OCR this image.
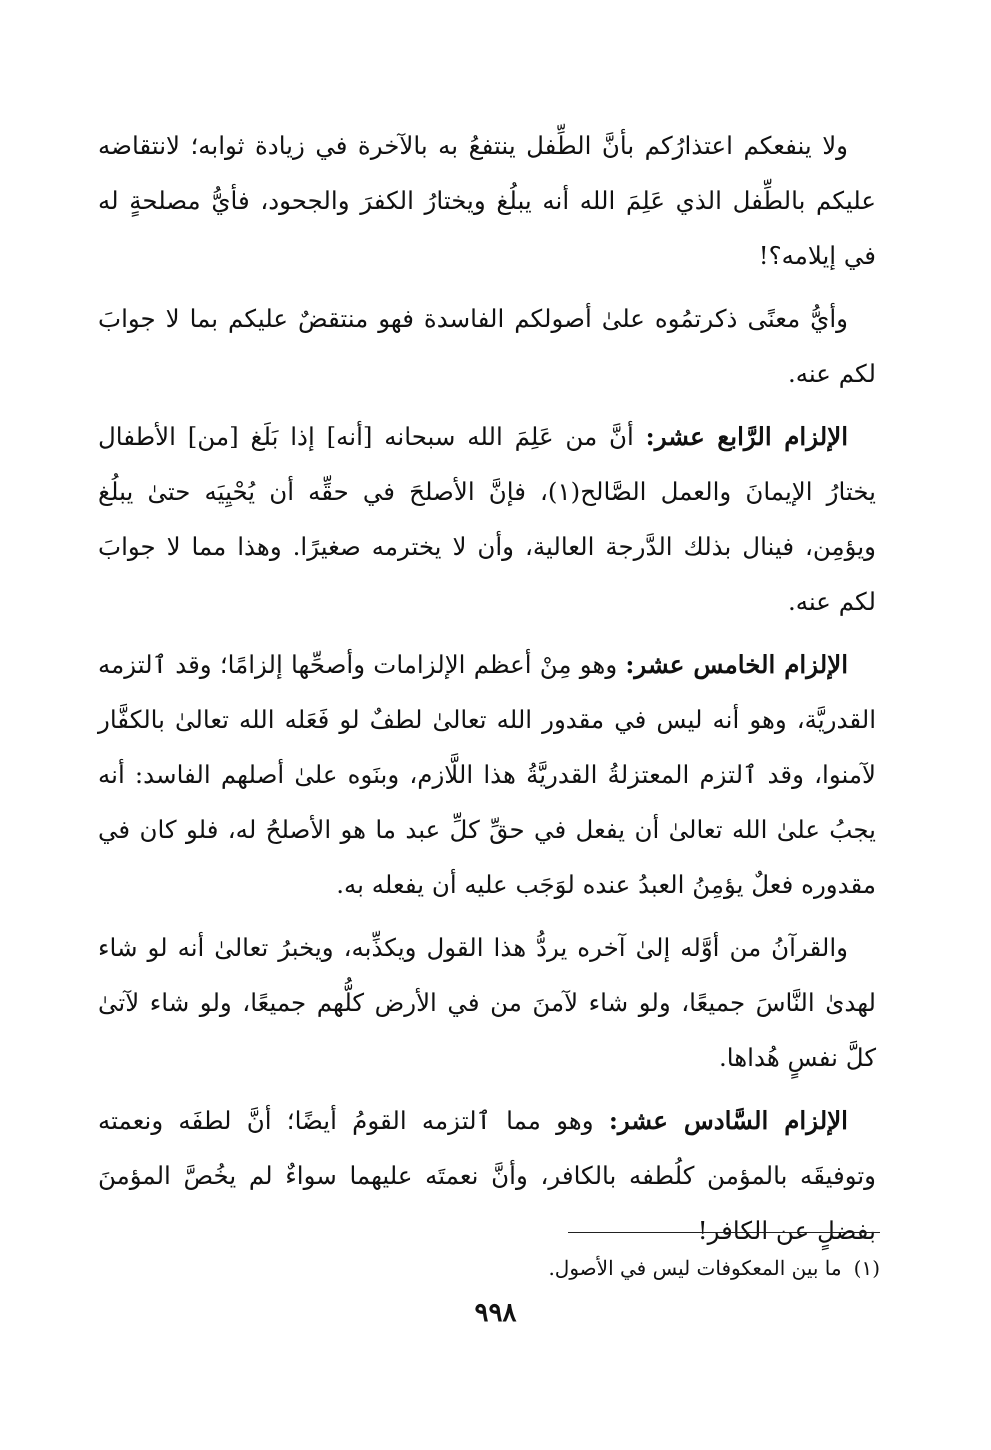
ولا ينفعكم اعتذارُكم بأنَّ الطِّفل ينتفعُ به بالآخرة في زيادة ثوابه؛ لانتقاضه عليكم بالطِّفل الذي عَلِمَ الله أنه يبلُغ ويختارُ الكفرَ والجحود، فأيُّ مصلحةٍ له في إيلامه؟!

وأيُّ معنًى ذكرتمُوه علىٰ أصولكم الفاسدة فهو منتقضٌ عليكم بما لا جوابَ لكم عنه.

الإلزام الرَّابع عشر: أنَّ من عَلِمَ الله سبحانه [أنه] إذا بَلَغ [من] الأطفال يختارُ الإيمانَ والعمل الصَّالح(١)، فإنَّ الأصلحَ في حقِّه أن يُحْيِيَه حتىٰ يبلُغ ويؤمِن، فينال بذلك الدَّرجة العالية، وأن لا يخترمه صغيرًا. وهذا مما لا جوابَ لكم عنه.

الإلزام الخامس عشر: وهو مِنْ أعظم الإلزامات وأصحِّها إلزامًا؛ وقد ٱلتزمه القدريَّة، وهو أنه ليس في مقدور الله تعالىٰ لطفٌ لو فَعَله الله تعالىٰ بالكفَّار لآمنوا، وقد ٱلتزم المعتزلةُ القدريَّةُ هذا اللَّازم، وبنَوه علىٰ أصلهم الفاسد: أنه يجبُ علىٰ الله تعالىٰ أن يفعل في حقِّ كلِّ عبد ما هو الأصلحُ له، فلو كان في مقدوره فعلٌ يؤمِنُ العبدُ عنده لوَجَب عليه أن يفعله به.

والقرآنُ من أوَّله إلىٰ آخره يردُّ هذا القول ويكذِّبه، ويخبرُ تعالىٰ أنه لو شاء لهدىٰ النَّاسَ جميعًا، ولو شاء لآمنَ من في الأرض كلُّهم جميعًا، ولو شاء لآتىٰ كلَّ نفسٍ هُداها.

الإلزام السَّادس عشر: وهو مما ٱلتزمه القومُ أيضًا؛ أنَّ لطفَه ونعمته وتوفيقَه بالمؤمن كلُطفه بالكافر، وأنَّ نعمتَه عليهما سواءٌ لم يخُصَّ المؤمنَ بفضلٍ عن الكافر!

(١)ما بين المعكوفات ليس في الأصول.
٩٩٨
